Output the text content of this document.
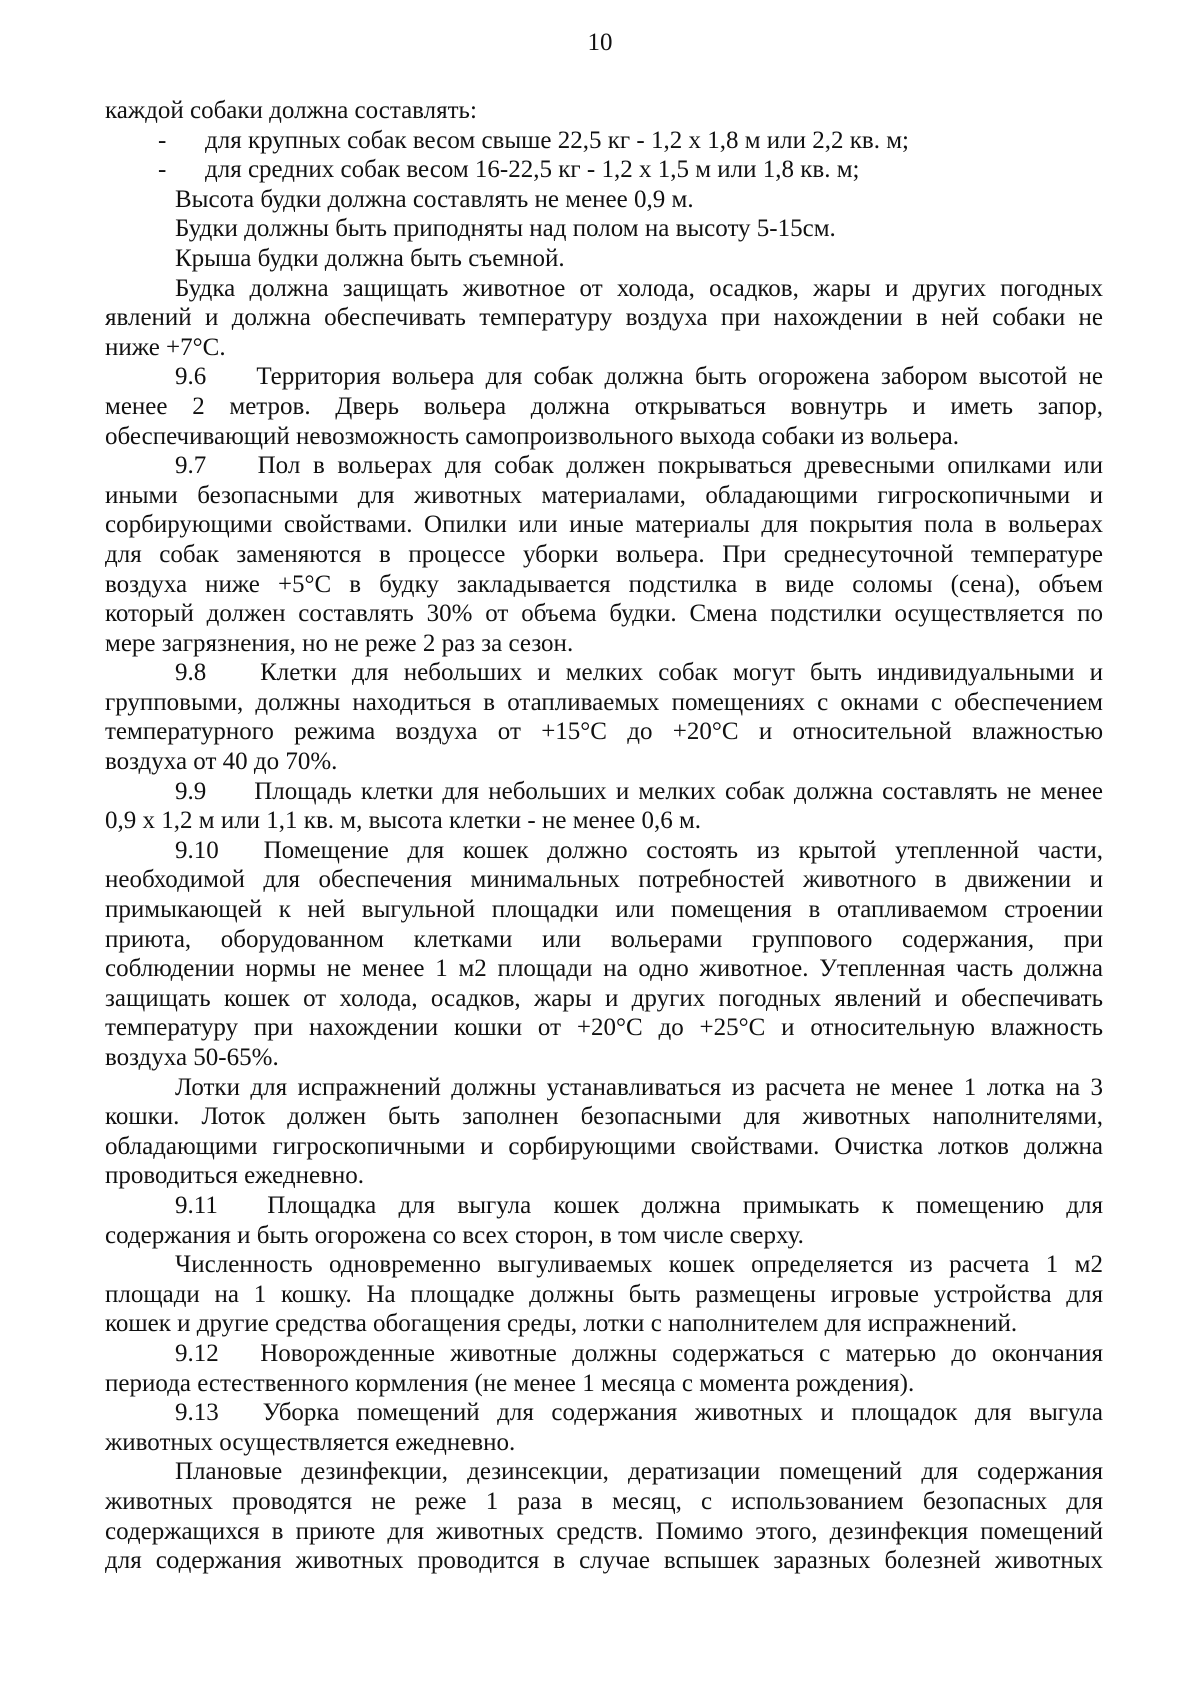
10
каждой собаки должна составлять:
- для крупных собак весом свыше 22,5 кг - 1,2 х 1,8 м или 2,2 кв. м;
- для средних собак весом 16-22,5 кг - 1,2 х 1,5 м или 1,8 кв. м;
Высота будки должна составлять не менее 0,9 м.
Будки должны быть приподняты над полом на высоту 5-15см.
Крыша будки должна быть съемной.
Будка должна защищать животное от холода, осадков, жары и других погодных
явлений и должна обеспечивать температуру воздуха при нахождении в ней собаки не
ниже +7°С.
9.6 Территория вольера для собак должна быть огорожена забором высотой не
менее 2 метров. Дверь вольера должна открываться вовнутрь и иметь запор,
обеспечивающий невозможность самопроизвольного выхода собаки из вольера.
9.7 Пол в вольерах для собак должен покрываться древесными опилками или
иными безопасными для животных материалами, обладающими гигроскопичными и
сорбирующими свойствами. Опилки или иные материалы для покрытия пола в вольерах
для собак заменяются в процессе уборки вольера. При среднесуточной температуре
воздуха ниже +5°С в будку закладывается подстилка в виде соломы (сена), объем
который должен составлять 30% от объема будки. Смена подстилки осуществляется по
мере загрязнения, но не реже 2 раз за сезон.
9.8 Клетки для небольших и мелких собак могут быть индивидуальными и
групповыми, должны находиться в отапливаемых помещениях с окнами с обеспечением
температурного режима воздуха от +15°С до +20°С и относительной влажностью
воздуха от 40 до 70%.
9.9 Площадь клетки для небольших и мелких собак должна составлять не менее
0,9 х 1,2 м или 1,1 кв. м, высота клетки - не менее 0,6 м.
9.10 Помещение для кошек должно состоять из крытой утепленной части,
необходимой для обеспечения минимальных потребностей животного в движении и
примыкающей к ней выгульной площадки или помещения в отапливаемом строении
приюта, оборудованном клетками или вольерами группового содержания, при
соблюдении нормы не менее 1 м2 площади на одно животное. Утепленная часть должна
защищать кошек от холода, осадков, жары и других погодных явлений и обеспечивать
температуру при нахождении кошки от +20°С до +25°С и относительную влажность
воздуха 50-65%.
Лотки для испражнений должны устанавливаться из расчета не менее 1 лотка на 3
кошки. Лоток должен быть заполнен безопасными для животных наполнителями,
обладающими гигроскопичными и сорбирующими свойствами. Очистка лотков должна
проводиться ежедневно.
9.11 Площадка для выгула кошек должна примыкать к помещению для
содержания и быть огорожена со всех сторон, в том числе сверху.
Численность одновременно выгуливаемых кошек определяется из расчета 1 м2
площади на 1 кошку. На площадке должны быть размещены игровые устройства для
кошек и другие средства обогащения среды, лотки с наполнителем для испражнений.
9.12 Новорожденные животные должны содержаться с матерью до окончания
периода естественного кормления (не менее 1 месяца с момента рождения).
9.13 Уборка помещений для содержания животных и площадок для выгула
животных осуществляется ежедневно.
Плановые дезинфекции, дезинсекции, дератизации помещений для содержания
животных проводятся не реже 1 раза в месяц, с использованием безопасных для
содержащихся в приюте для животных средств. Помимо этого, дезинфекция помещений
для содержания животных проводится в случае вспышек заразных болезней животных
